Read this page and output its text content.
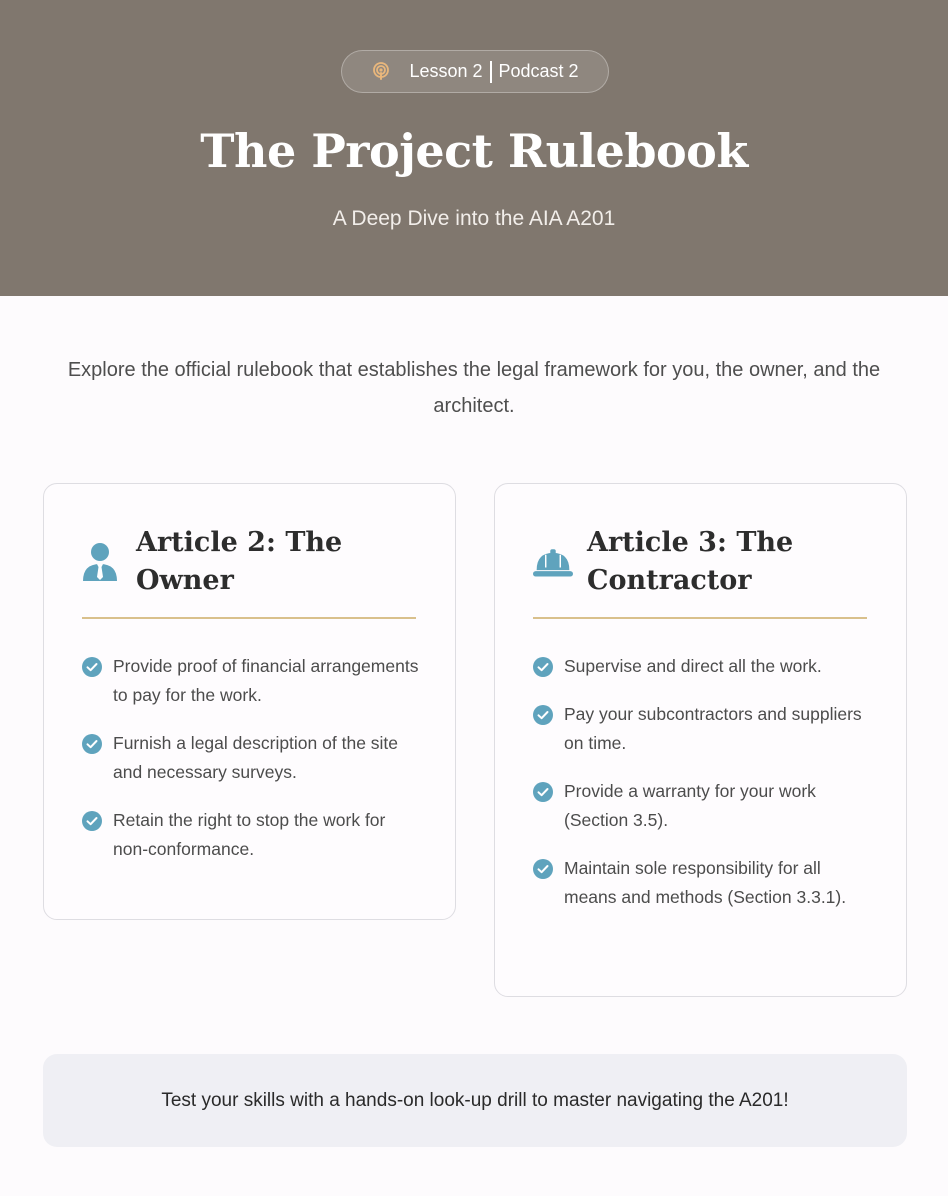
Lesson 2 Podcast 2
The Project Rulebook
A Deep Dive into the AIA A201

Explore the official rulebook that establishes the legal framework for you, the owner, and the architect.

Article 2: The Owner
Provide proof of financial arrangements to pay for the work.
Furnish a legal description of the site and necessary surveys.
Retain the right to stop the work for non-conformance.
Article 3: The Contractor
Supervise and direct all the work.
Pay your subcontractors and suppliers on time.
Provide a warranty for your work (Section 3.5).
Maintain sole responsibility for all means and methods (Section 3.3.1).
Test your skills with a hands-on look-up drill to master navigating the A201!
